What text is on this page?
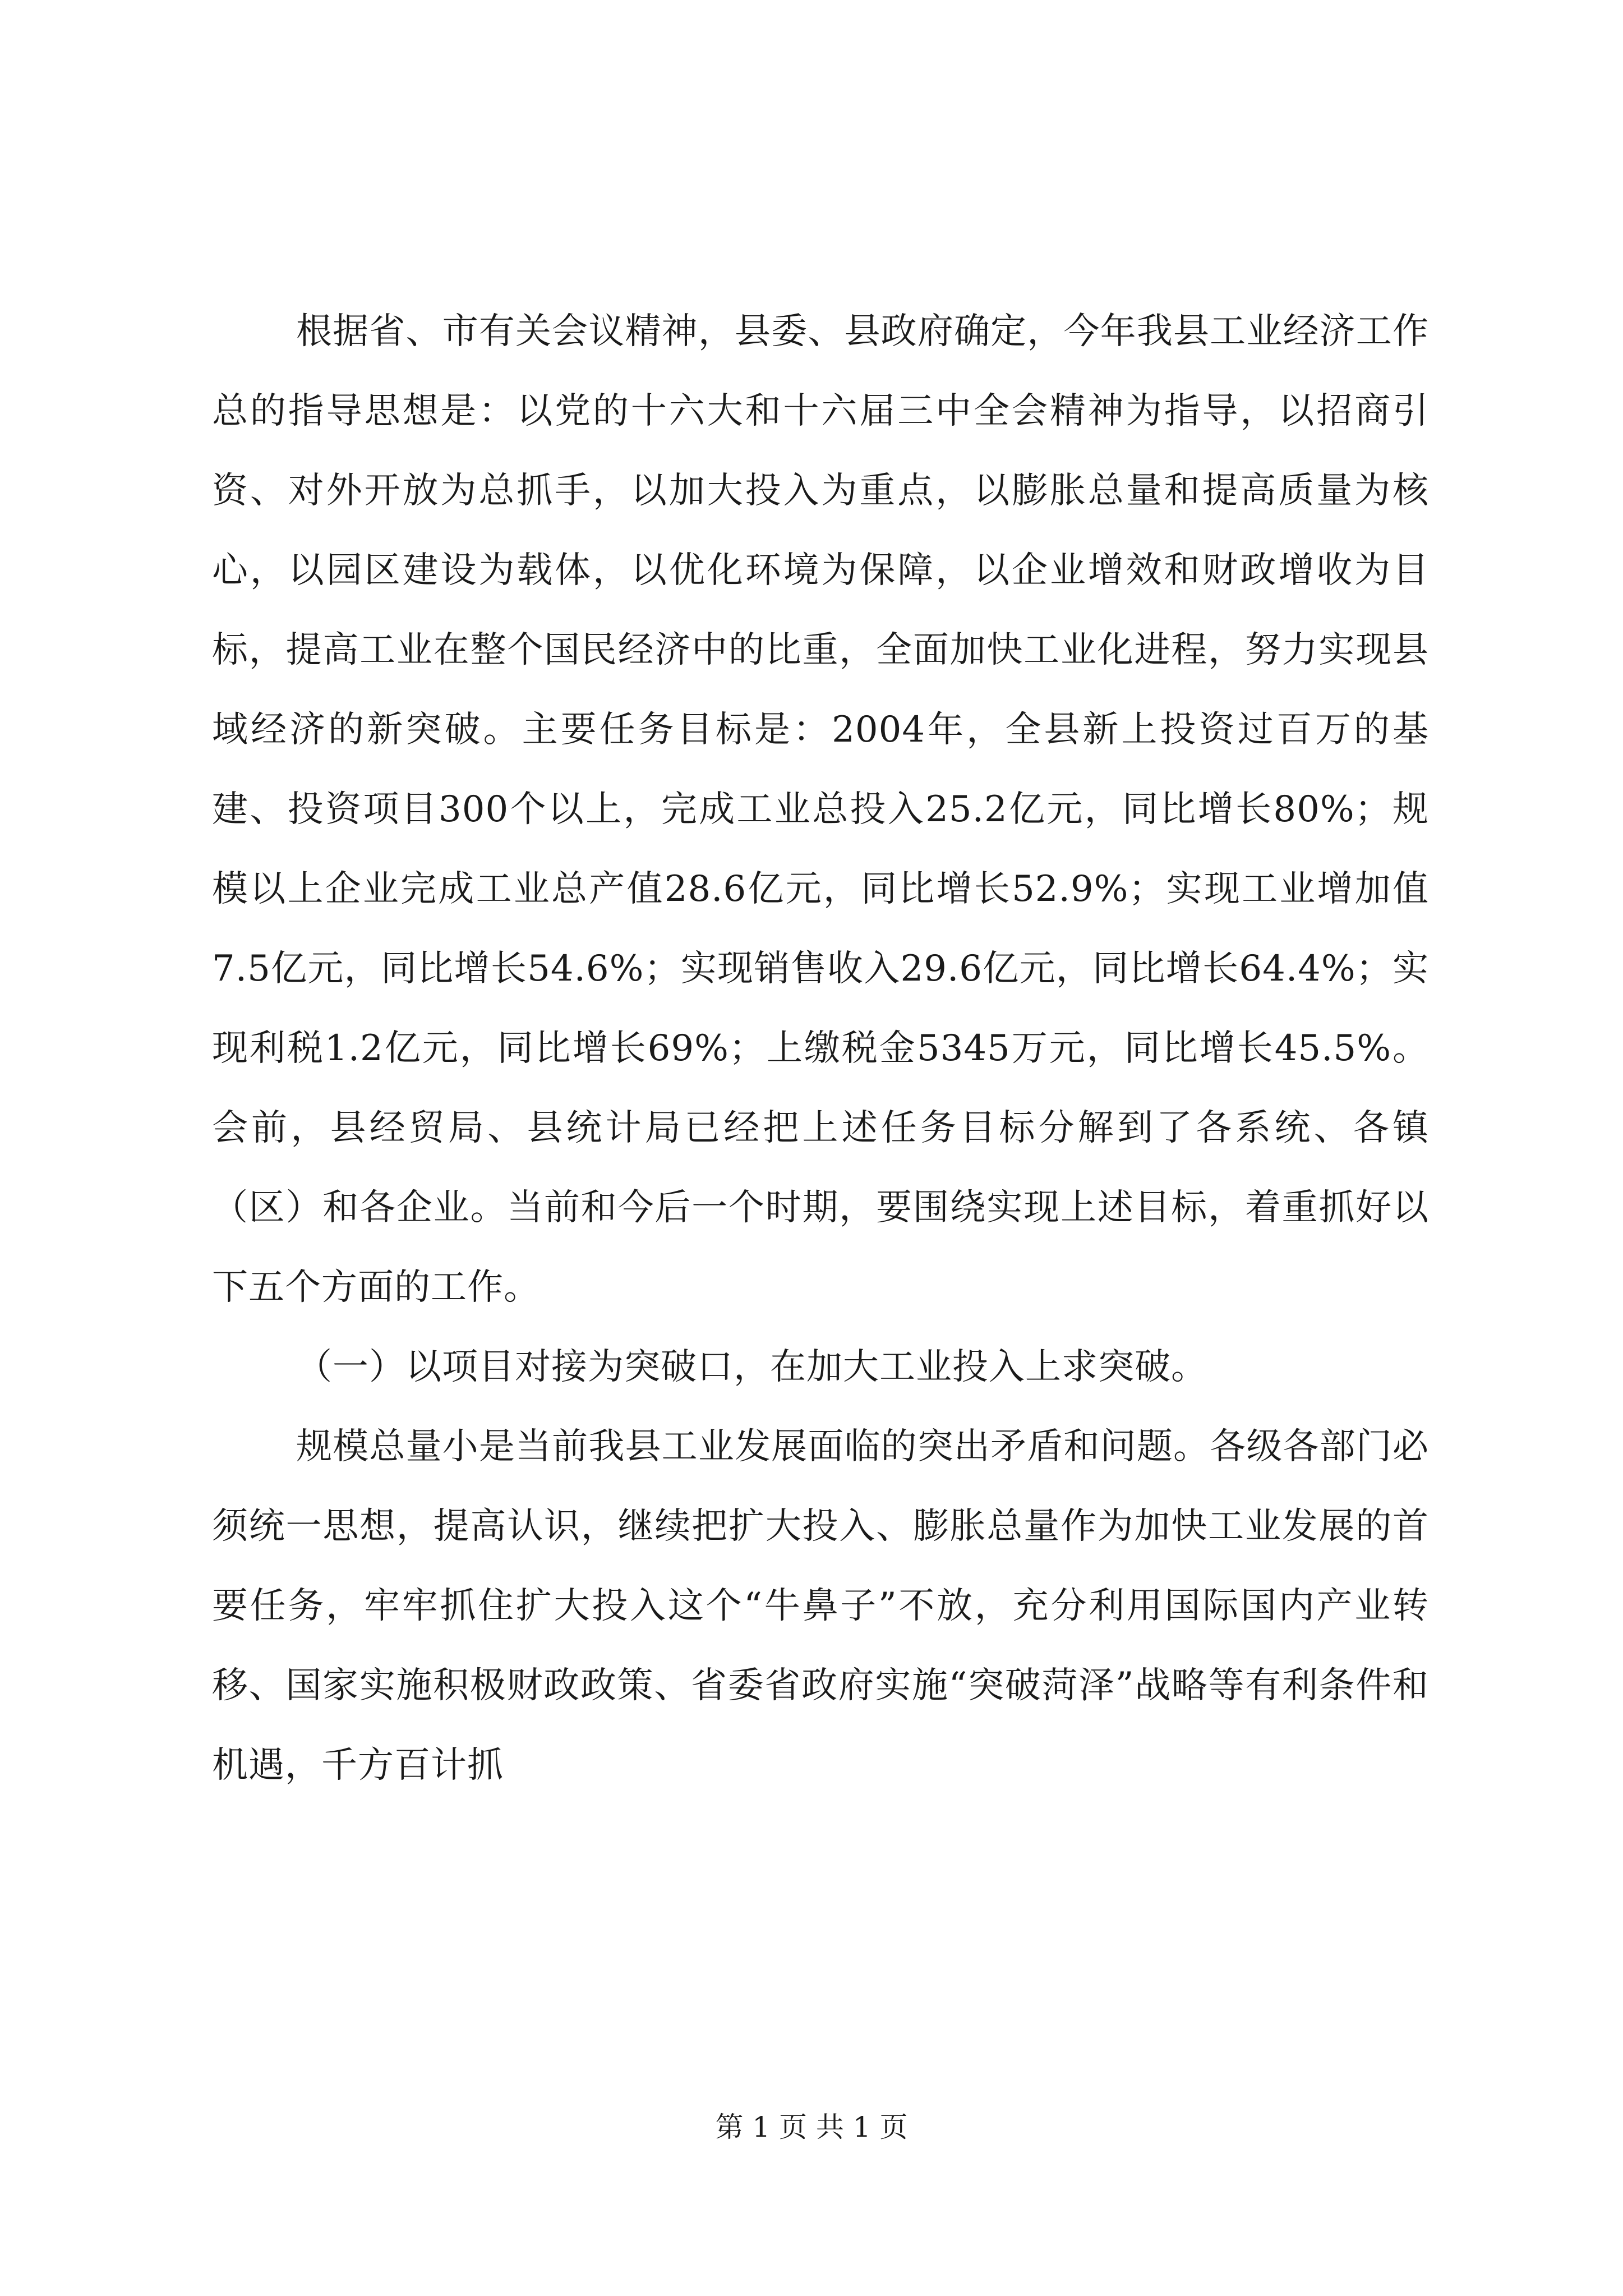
根据省、市有关会议精神，县委、县政府确定，今年我县工业经济工作总的指导思想是：以党的十六大和十六届三中全会精神为指导，以招商引资、对外开放为总抓手，以加大投入为重点，以膨胀总量和提高质量为核心，以园区建设为载体，以优化环境为保障，以企业增效和财政增收为目标，提高工业在整个国民经济中的比重，全面加快工业化进程，努力实现县域经济的新突破。主要任务目标是：2004年，全县新上投资过百万的基建、投资项目300个以上，完成工业总投入25.2亿元，同比增长80%；规模以上企业完成工业总产值28.6亿元，同比增长52.9%；实现工业增加值7.5亿元，同比增长54.6%；实现销售收入29.6亿元，同比增长64.4%；实现利税1.2亿元，同比增长69%；上缴税金5345万元，同比增长45.5%。会前，县经贸局、县统计局已经把上述任务目标分解到了各系统、各镇（区）和各企业。当前和今后一个时期，要围绕实现上述目标，着重抓好以下五个方面的工作。

（一）以项目对接为突破口，在加大工业投入上求突破。

规模总量小是当前我县工业发展面临的突出矛盾和问题。各级各部门必须统一思想，提高认识，继续把扩大投入、膨胀总量作为加快工业发展的首要任务，牢牢抓住扩大投入这个“牛鼻子”不放，充分利用国际国内产业转移、国家实施积极财政政策、省委省政府实施“突破菏泽”战略等有利条件和机遇，千方百计抓

第 1 页 共 1 页
